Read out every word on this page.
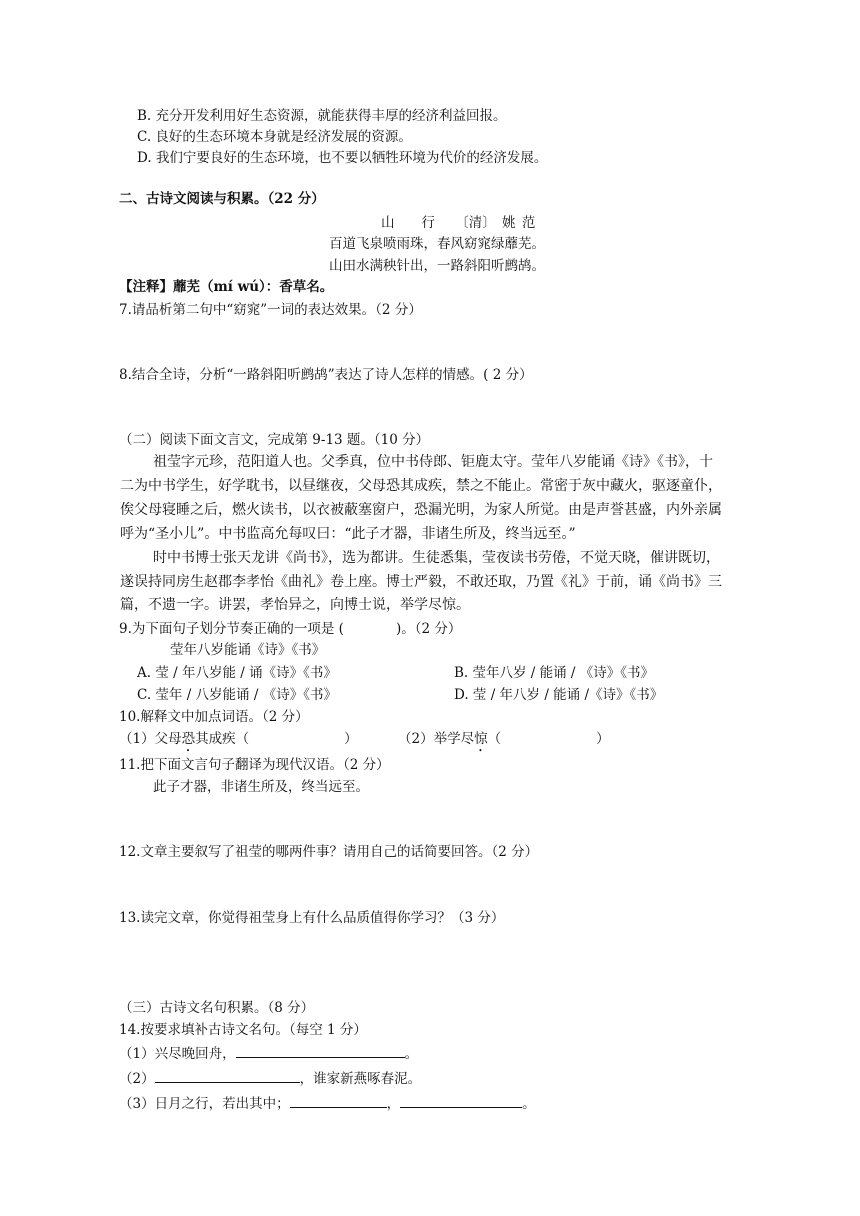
B. 充分开发利用好生态资源，就能获得丰厚的经济利益回报。
C. 良好的生态环境本身就是经济发展的资源。
D. 我们宁要良好的生态环境，也不要以牺牲环境为代价的经济发展。
二、古诗文阅读与积累。（22 分）
山　　行　　〔清〕 姚 范
百道飞泉喷雨珠，春风窈窕绿蘼芜。
山田水满秧针出，一路斜阳听鹧鸪。
【注释】蘼芜（mí wú）：香草名。
7.请品析第二句中“窈窕”一词的表达效果。（2 分）
8.结合全诗，分析“一路斜阳听鹧鸪”表达了诗人怎样的情感。( 2 分）
（二）阅读下面文言文，完成第 9-13 题。（10 分）
祖莹字元珍，范阳道人也。父季真，位中书侍郎、钜鹿太守。莹年八岁能诵《诗》《书》，十
二为中书学生，好学耽书，以昼继夜，父母恐其成疾，禁之不能止。常密于灰中藏火，驱逐童仆，
俟父母寝睡之后，燃火读书，以衣被蔽塞窗户，恐漏光明，为家人所觉。由是声誉甚盛，内外亲属
呼为“圣小儿”。中书监高允每叹曰：“此子才器，非诸生所及，终当远至。”
时中书博士张天龙讲《尚书》，选为都讲。生徒悉集，莹夜读书劳倦，不觉天晓，催讲既切，
遂误持同房生赵郡李孝怡《曲礼》卷上座。博士严毅，不敢还取，乃置《礼》于前，诵《尚书》三
篇，不遗一字。讲罢，孝怡异之，向博士说，举学尽惊。
9.为下面句子划分节奏正确的一项是 (	)。（2 分）
莹年八岁能诵《诗》《书》
A. 莹 / 年八岁能 / 诵《诗》《书》	B. 莹年八岁 / 能诵 / 《诗》《书》
C. 莹年 / 八岁能诵 / 《诗》《书》	D. 莹 / 年八岁 / 能诵 /《诗》《书》
10.解释文中加点词语。（2 分）
（1）父母恐其成疾（	）	（2）举学尽惊（	）
11.把下面文言句子翻译为现代汉语。（2 分）
此子才器，非诸生所及，终当远至。
12.文章主要叙写了祖莹的哪两件事？请用自己的话简要回答。（2 分）
13.读完文章，你觉得祖莹身上有什么品质值得你学习？（3 分）
（三）古诗文名句积累。（8 分）
14.按要求填补古诗文名句。（每空 1 分）
（1）兴尽晚回舟，	。
（2）	，谁家新燕啄春泥。
（3）日月之行，若出其中；	，	。
